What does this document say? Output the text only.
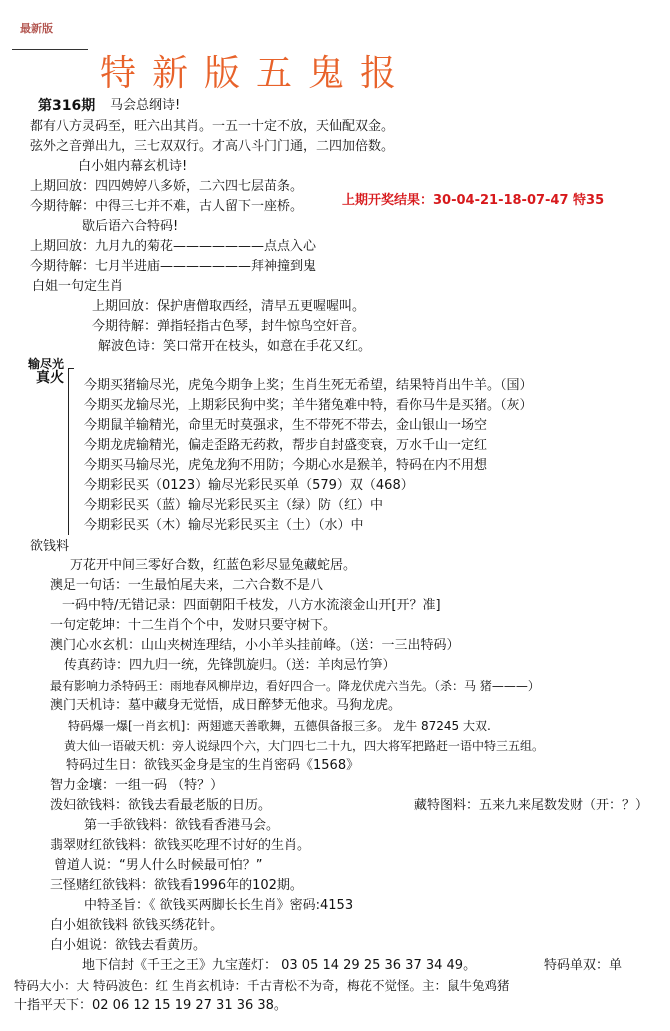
最新版
特新版五鬼报
第316期 马会总纲诗!
都有八方灵码至，旺六出其肖。一五一十定不放，天仙配双金。
弦外之音弹出九，三七双双行。才高八斗门门通，二四加倍数。
白小姐内幕玄机诗!
上期回放：四四娉婷八多娇，二六四七层苗条。
今期待解：中得三七并不难，古人留下一座桥。	上期开奖结果：30-04-21-18-07-47 特35
歇后语六合特码!
上期回放：九月九的菊花———————点点入心
今期待解：七月半进庙———————拜神撞到鬼
白姐一句定生肖
上期回放：保护唐僧取西经，清早五更喔喔叫。
今期待解：弹指轻指古色琴，封牛惊鸟空奸音。
解波色诗：笑口常开在枝头，如意在手花又红。
输尽光
真火 今期买猪输尽光，虎兔今期争上奖；生肖生死无希望，结果特肖出牛羊。（国）
今期买龙输尽光，上期彩民狗中奖；羊牛猪兔难中特，看你马牛是买猪。（灰）
今期鼠羊输精光，命里无时莫强求，生不带死不带去，金山银山一场空
今期龙虎输精光，偏走歪路无药救，帮步自封盛变衰，万水千山一定红
今期买马输尽光，虎兔龙狗不用防；今期心水是猴羊，特码在内不用想
今期彩民买（0123）输尽光彩民买单（579）双（468）
今期彩民买（蓝）输尽光彩民买主（绿）防（红）中
今期彩民买（木）输尽光彩民买主（土）（水）中
欲钱料
万花开中间三零好合数，红蓝色彩尽显兔藏蛇居。
澳足一句话：一生最怕尾夫来，二六合数不是八
一码中特/无错记录：四面朝阳千枝发，八方水流滚金山开[开？准]
一句定乾坤：十二生肖个个中，发财只要守树下。
澳门心水玄机：山山夹树连理结，小小羊头挂前峰。（送：一三出特码）
传真药诗：四九归一统，先锋凯旋归。（送：羊肉忌竹笋）
最有影响力杀特码王：雨地春风柳岸边，看好四合一。降龙伏虎六当先。（杀：马 猪———）
澳门天机诗：墓中藏身无觉悟，成日醉梦无他求。马狗龙虎。
特码爆一爆[一肖玄机]：两翅遮天善歌舞，五德俱备报三多。 龙牛 87245 大双.
黄大仙一语破天机：旁人说绿四个六，大门四七二十九，四大将军把路赶一语中特三五组。
特码过生日：欲钱买金身是宝的生肖密码《1568》
智力金壤：一组一码 （特？）
泼妇欲钱料：欲钱去看最老版的日历。	藏特图料：五来九来尾数发财（开：？）
第一手欲钱料：欲钱看香港马会。
翡翠财红欲钱料：欲钱买吃理不讨好的生肖。
曾道人说：“男人什么时候最可怕？”
三怪赌红欲钱料：欲钱看1996年的102期。
中特圣旨：《 欲钱买两脚长长生肖》密码:4153
白小姐欲钱料 欲钱买绣花针。
白小姐说：欲钱去看黄历。
地下信封《千王之王》九宝莲灯： 03 05 14 29 25 36 37 34 49。	特码单双：单
特码大小：大 特码波色：红 生肖玄机诗：千古青松不为奇，梅花不觉怪。主：鼠牛兔鸡猪
十指平天下：02 06 12 15 19 27 31 36 38。
